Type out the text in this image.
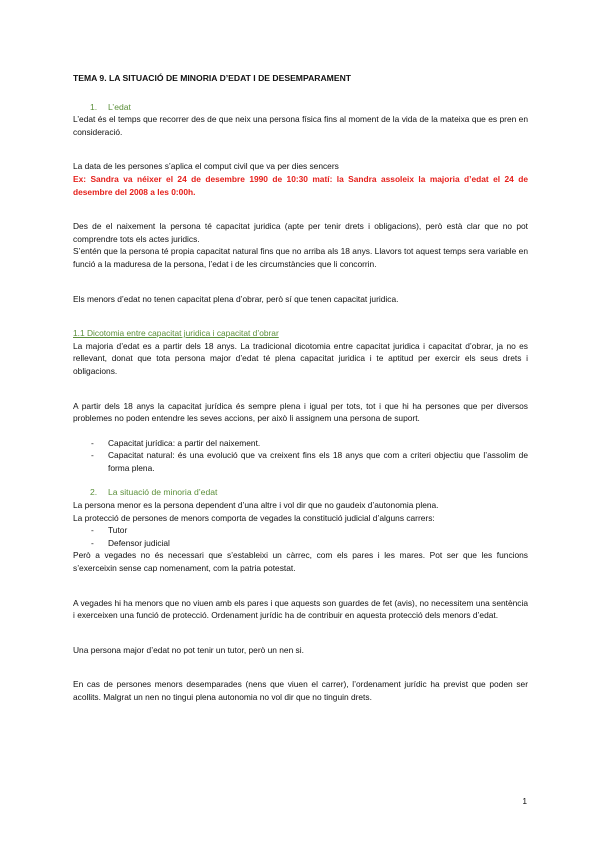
TEMA 9. LA SITUACIÓ DE MINORIA D’EDAT I DE DESEMPARAMENT
1. L’edat

L’edat és el temps que recorrer des de que neix una persona física fins al moment de la vida de la mateixa que es pren en consideració.

La data de les persones s’aplica el comput civil que va per dies sencers

Ex: Sandra va néixer el 24 de desembre 1990 de 10:30 matí: la Sandra assoleix la majoria d’edat el 24 de desembre del 2008 a les 0:00h.

Des de el naixement la persona té capacitat juridica (apte per tenir drets i obligacions), però està clar que no pot comprendre tots els actes juridics.

S’entén que la persona té propia capacitat natural fins que no arriba als 18 anys. Llavors tot aquest temps sera variable en funció a la maduresa de la persona, l’edat i de les circumstàncies que li concorrin.

Els menors d’edat no tenen capacitat plena d’obrar, però sí que tenen capacitat juridica.

1.1 Dicotomia entre capacitat juridica i capacitat d’obrar

La majoria d’edat es a partir dels 18 anys. La tradicional dicotomia entre capacitat juridica i capacitat d’obrar, ja no es rellevant, donat que tota persona major d’edat té plena capacitat juridica i te aptitud per exercir els seus drets i obligacions.

A partir dels 18 anys la capacitat jurídica és sempre plena i igual per tots, tot i que hi ha persones que per diversos problemes no poden entendre les seves accions, per això li assignem una persona de suport.

- Capacitat jurídica: a partir del naixement.
- Capacitat natural: és una evolució que va creixent fins els 18 anys que com a criteri objectiu que l’assolim de forma plena.
2. La situació de minoria d’edat

La persona menor es la persona dependent d’una altre i vol dir que no gaudeix d’autonomia plena.

La protecció de persones de menors comporta de vegades la constitució judicial d’alguns carrers:

- Tutor
- Defensor judicial

Però a vegades no és necessari que s’estableixi un càrrec, com els pares i les mares. Pot ser que les funcions s’exerceixin sense cap nomenament, com la patria potestat.

A vegades hi ha menors que no viuen amb els pares i que aquests son guardes de fet (avis), no necessitem una sentència i exerceixen una funció de protecció. Ordenament jurídic ha de contribuir en aquesta protecció dels menors d’edat.

Una persona major d’edat no pot tenir un tutor, però un nen si.

En cas de persones menors desemparades (nens que viuen el carrer), l’ordenament jurídic ha previst que poden ser acollits. Malgrat un nen no tingui plena autonomia no vol dir que no tinguin drets.

1
